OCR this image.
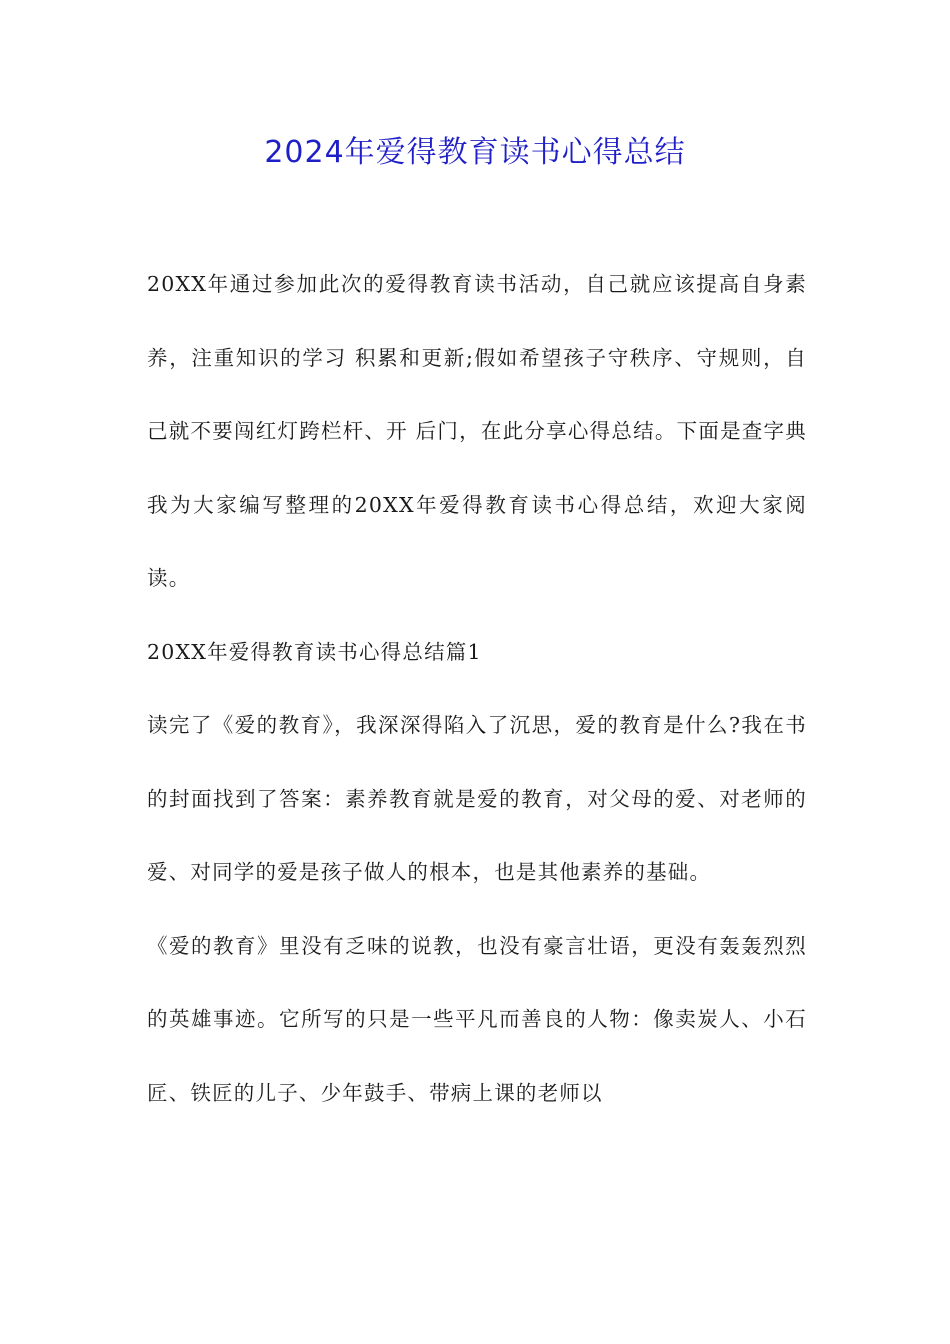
2024年爱得教育读书心得总结

20XX年通过参加此次的爱得教育读书活动，自己就应该提高自身素养，注重知识的学习 积累和更新;假如希望孩子守秩序、守规则，自己就不要闯红灯跨栏杆、开 后门，在此分享心得总结。下面是查字典我为大家编写整理的20XX年爱得教育读书心得总结，欢迎大家阅读。

20XX年爱得教育读书心得总结篇1

读完了《爱的教育》，我深深得陷入了沉思，爱的教育是什么?我在书的封面找到了答案：素养教育就是爱的教育，对父母的爱、对老师的爱、对同学的爱是孩子做人的根本，也是其他素养的基础。

《爱的教育》里没有乏味的说教，也没有豪言壮语，更没有轰轰烈烈的英雄事迹。它所写的只是一些平凡而善良的人物：像卖炭人、小石匠、铁匠的儿子、少年鼓手、带病上课的老师以
